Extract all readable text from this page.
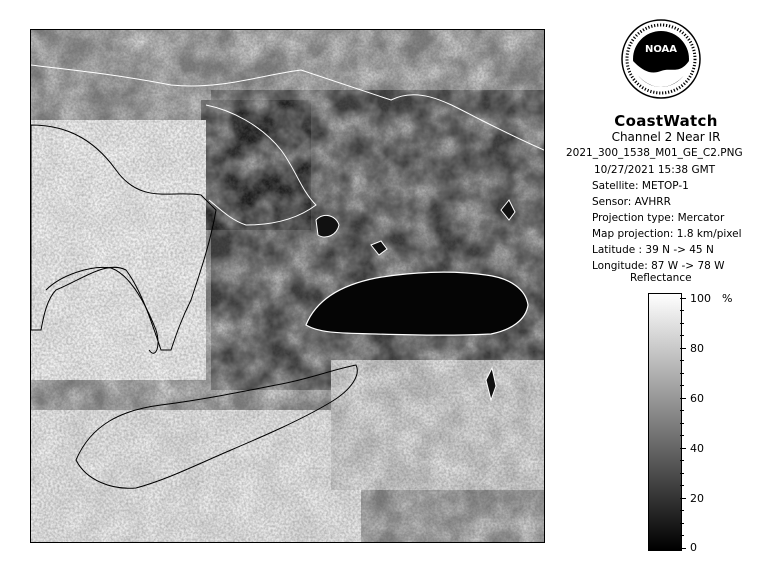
NOAA
CoastWatch
Channel 2 Near IR
2021_300_1538_M01_GE_C2.PNG
10/27/2021 15:38 GMT
Satellite: METOP-1
Sensor: AVHRR
Projection type: Mercator
Map projection: 1.8 km/pixel
Latitude : 39 N -> 45 N
Longitude: 87 W -> 78 W
Reflectance
%
100
80
60
40
20
0
